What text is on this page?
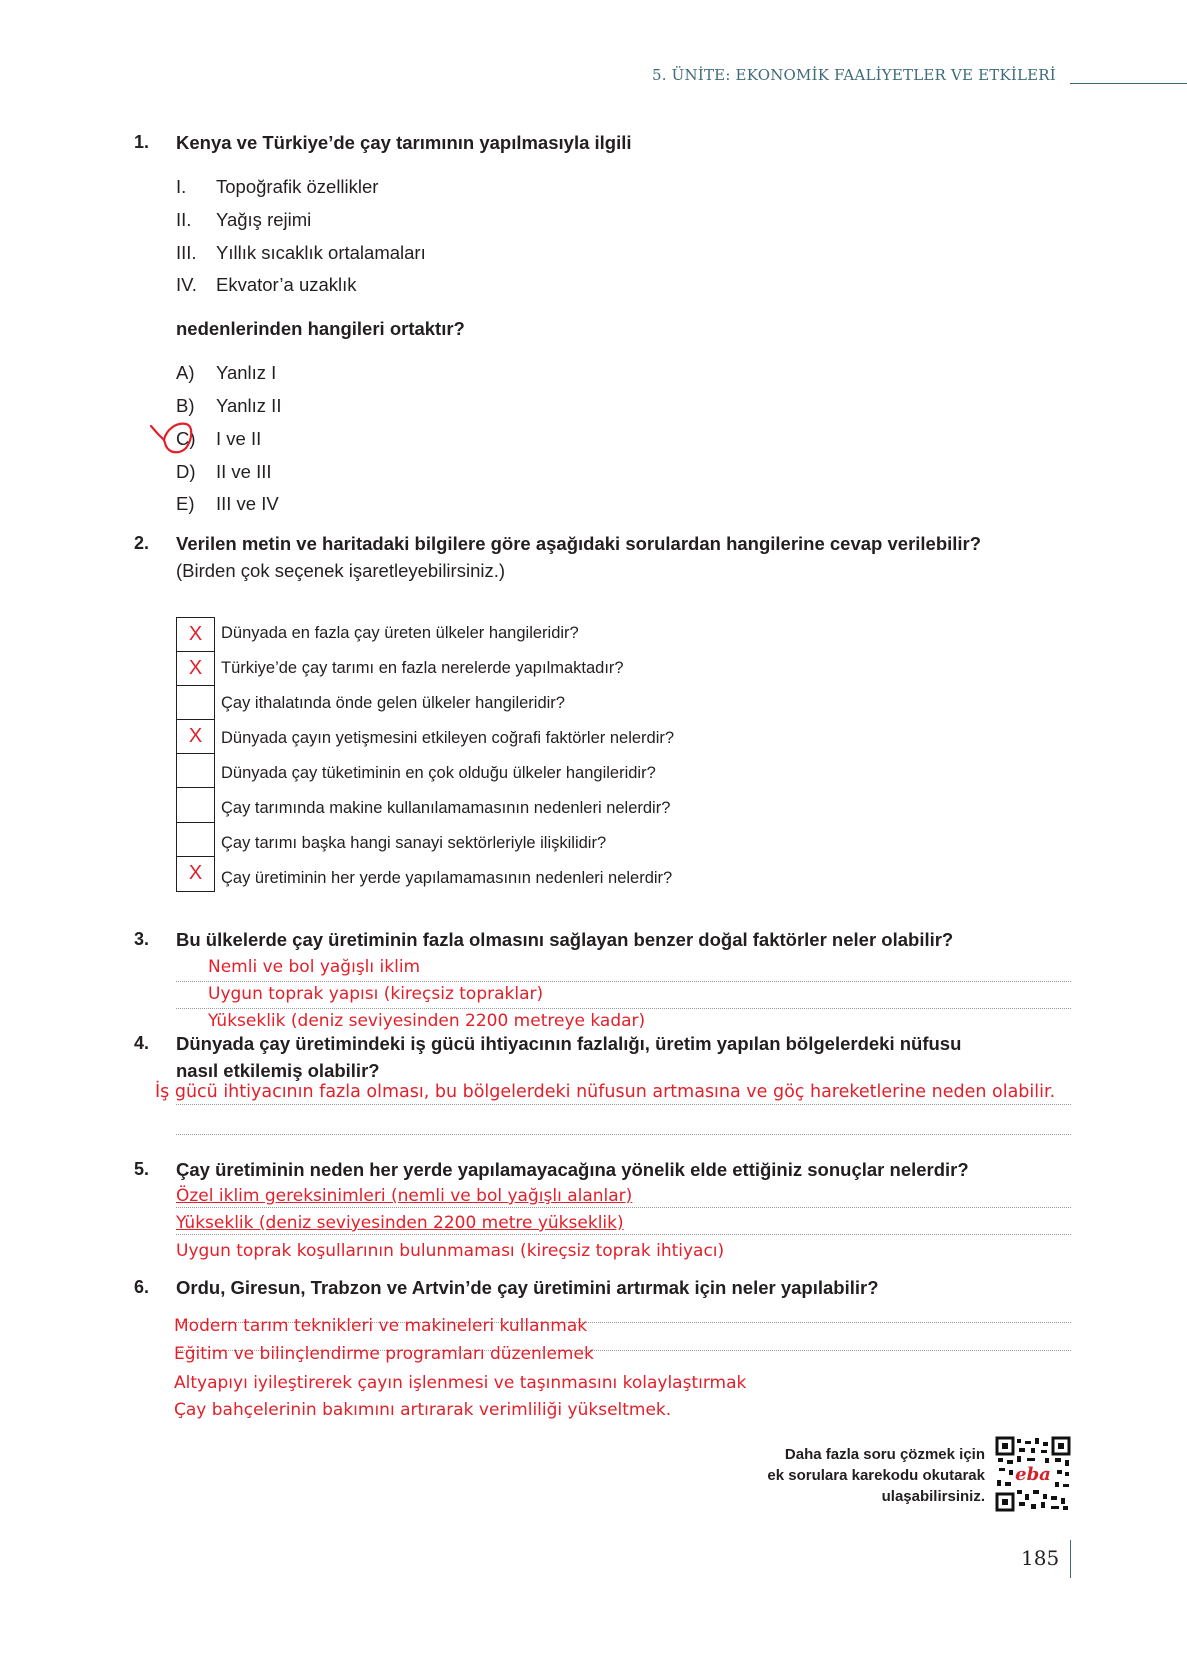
5. ÜNİTE: EKONOMİK FAALİYETLER VE ETKİLERİ
1. Kenya ve Türkiye’de çay tarımının yapılmasıyla ilgili
I. Topoğrafik özellikler
II. Yağış rejimi
III. Yıllık sıcaklık ortalamaları
IV. Ekvator’a uzaklık
nedenlerinden hangileri ortaktır?
A) Yanlız I
B) Yanlız II
C) I ve II
D) II ve III
E) III ve IV
2. Verilen metin ve haritadaki bilgilere göre aşağıdaki sorulardan hangilerine cevap verilebilir?
(Birden çok seçenek işaretleyebilirsiniz.)
X
X
X
X
Dünyada en fazla çay üreten ülkeler hangileridir?
Türkiye’de çay tarımı en fazla nerelerde yapılmaktadır?
Çay ithalatında önde gelen ülkeler hangileridir?
Dünyada çayın yetişmesini etkileyen coğrafi faktörler nelerdir?
Dünyada çay tüketiminin en çok olduğu ülkeler hangileridir?
Çay tarımında makine kullanılamamasının nedenleri nelerdir?
Çay tarımı başka hangi sanayi sektörleriyle ilişkilidir?
Çay üretiminin her yerde yapılamamasının nedenleri nelerdir?
3. Bu ülkelerde çay üretiminin fazla olmasını sağlayan benzer doğal faktörler neler olabilir?
Nemli ve bol yağışlı iklim
Uygun toprak yapısı (kireçsiz topraklar)
Yükseklik (deniz seviyesinden 2200 metreye kadar)
4. Dünyada çay üretimindeki iş gücü ihtiyacının fazlalığı, üretim yapılan bölgelerdeki nüfusu
nasıl etkilemiş olabilir?
İş gücü ihtiyacının fazla olması, bu bölgelerdeki nüfusun artmasına ve göç hareketlerine neden olabilir.
5. Çay üretiminin neden her yerde yapılamayacağına yönelik elde ettiğiniz sonuçlar nelerdir?
Özel iklim gereksinimleri (nemli ve bol yağışlı alanlar)
Yükseklik (deniz seviyesinden 2200 metre yükseklik)
Uygun toprak koşullarının bulunmaması (kireçsiz toprak ihtiyacı)
6. Ordu, Giresun, Trabzon ve Artvin’de çay üretimini artırmak için neler yapılabilir?
Modern tarım teknikleri ve makineleri kullanmak
Eğitim ve bilinçlendirme programları düzenlemek
Altyapıyı iyileştirerek çayın işlenmesi ve taşınmasını kolaylaştırmak
Çay bahçelerinin bakımını artırarak verimliliği yükseltmek.
Daha fazla soru çözmek için
ek sorulara karekodu okutarak
ulaşabilirsiniz.
eba
185
